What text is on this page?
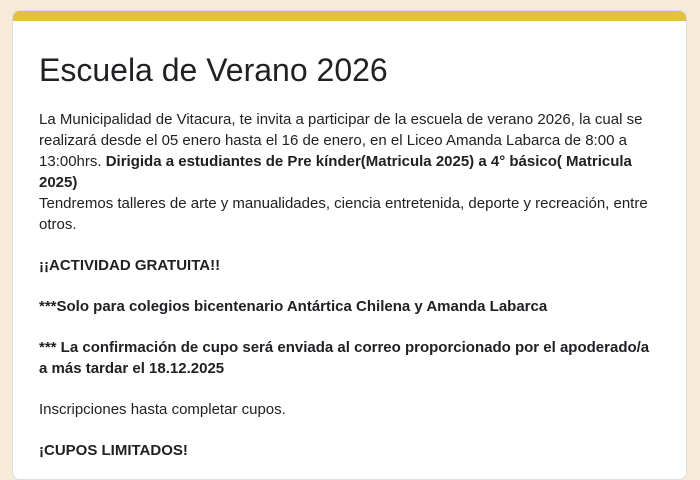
Escuela de Verano 2026

La Municipalidad de Vitacura, te invita a participar de la escuela de verano 2026, la cual se realizará desde el 05 enero hasta el 16 de enero, en el Liceo Amanda Labarca de 8:00 a 13:00hrs. Dirigida a estudiantes de Pre kínder(Matricula 2025) a 4° básico( Matricula 2025)

Tendremos talleres de arte y manualidades, ciencia entretenida, deporte y recreación, entre otros.

¡¡ACTIVIDAD GRATUITA!!

***Solo para colegios bicentenario Antártica Chilena y Amanda Labarca

*** La confirmación de cupo será enviada al correo proporcionado por el apoderado/a a más tardar el 18.12.2025

Inscripciones hasta completar cupos.

¡CUPOS LIMITADOS!
